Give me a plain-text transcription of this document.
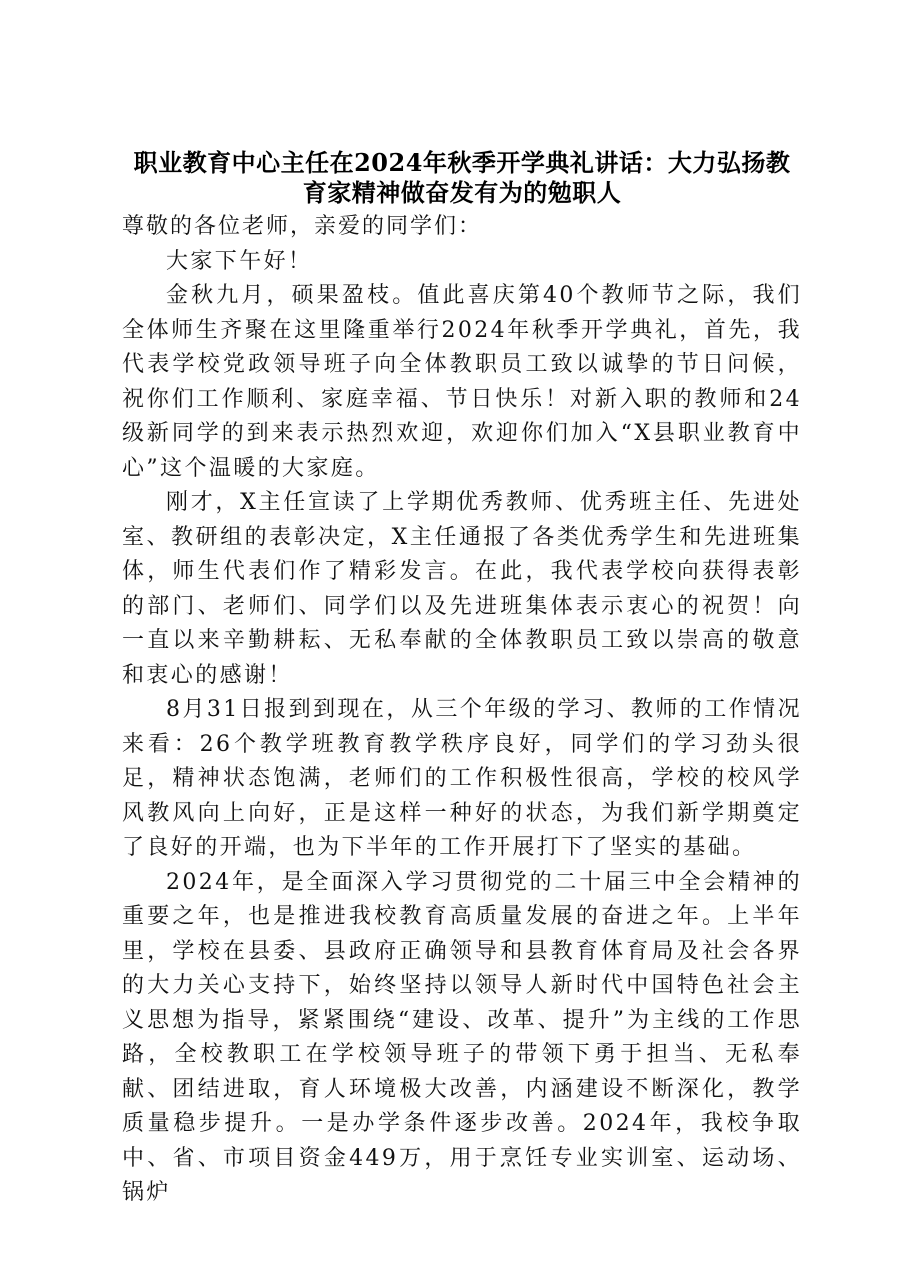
职业教育中心主任在2024年秋季开学典礼讲话：大力弘扬教育家精神做奋发有为的勉职人

尊敬的各位老师，亲爱的同学们：

大家下午好！

金秋九月，硕果盈枝。值此喜庆第40个教师节之际，我们全体师生齐聚在这里隆重举行2024年秋季开学典礼，首先，我代表学校党政领导班子向全体教职员工致以诚挚的节日问候，祝你们工作顺利、家庭幸福、节日快乐！对新入职的教师和24级新同学的到来表示热烈欢迎，欢迎你们加入“X县职业教育中心”这个温暖的大家庭。

刚才，X主任宣读了上学期优秀教师、优秀班主任、先进处室、教研组的表彰决定，X主任通报了各类优秀学生和先进班集体，师生代表们作了精彩发言。在此，我代表学校向获得表彰的部门、老师们、同学们以及先进班集体表示衷心的祝贺！向一直以来辛勤耕耘、无私奉献的全体教职员工致以崇高的敬意和衷心的感谢！

8月31日报到到现在，从三个年级的学习、教师的工作情况来看：26个教学班教育教学秩序良好，同学们的学习劲头很足，精神状态饱满，老师们的工作积极性很高，学校的校风学风教风向上向好，正是这样一种好的状态，为我们新学期奠定了良好的开端，也为下半年的工作开展打下了坚实的基础。

2024年，是全面深入学习贯彻党的二十届三中全会精神的重要之年，也是推进我校教育高质量发展的奋进之年。上半年里，学校在县委、县政府正确领导和县教育体育局及社会各界的大力关心支持下，始终坚持以领导人新时代中国特色社会主义思想为指导，紧紧围绕“建设、改革、提升”为主线的工作思路，全校教职工在学校领导班子的带领下勇于担当、无私奉献、团结进取，育人环境极大改善，内涵建设不断深化，教学质量稳步提升。一是办学条件逐步改善。2024年，我校争取中、省、市项目资金449万，用于烹饪专业实训室、运动场、锅炉
